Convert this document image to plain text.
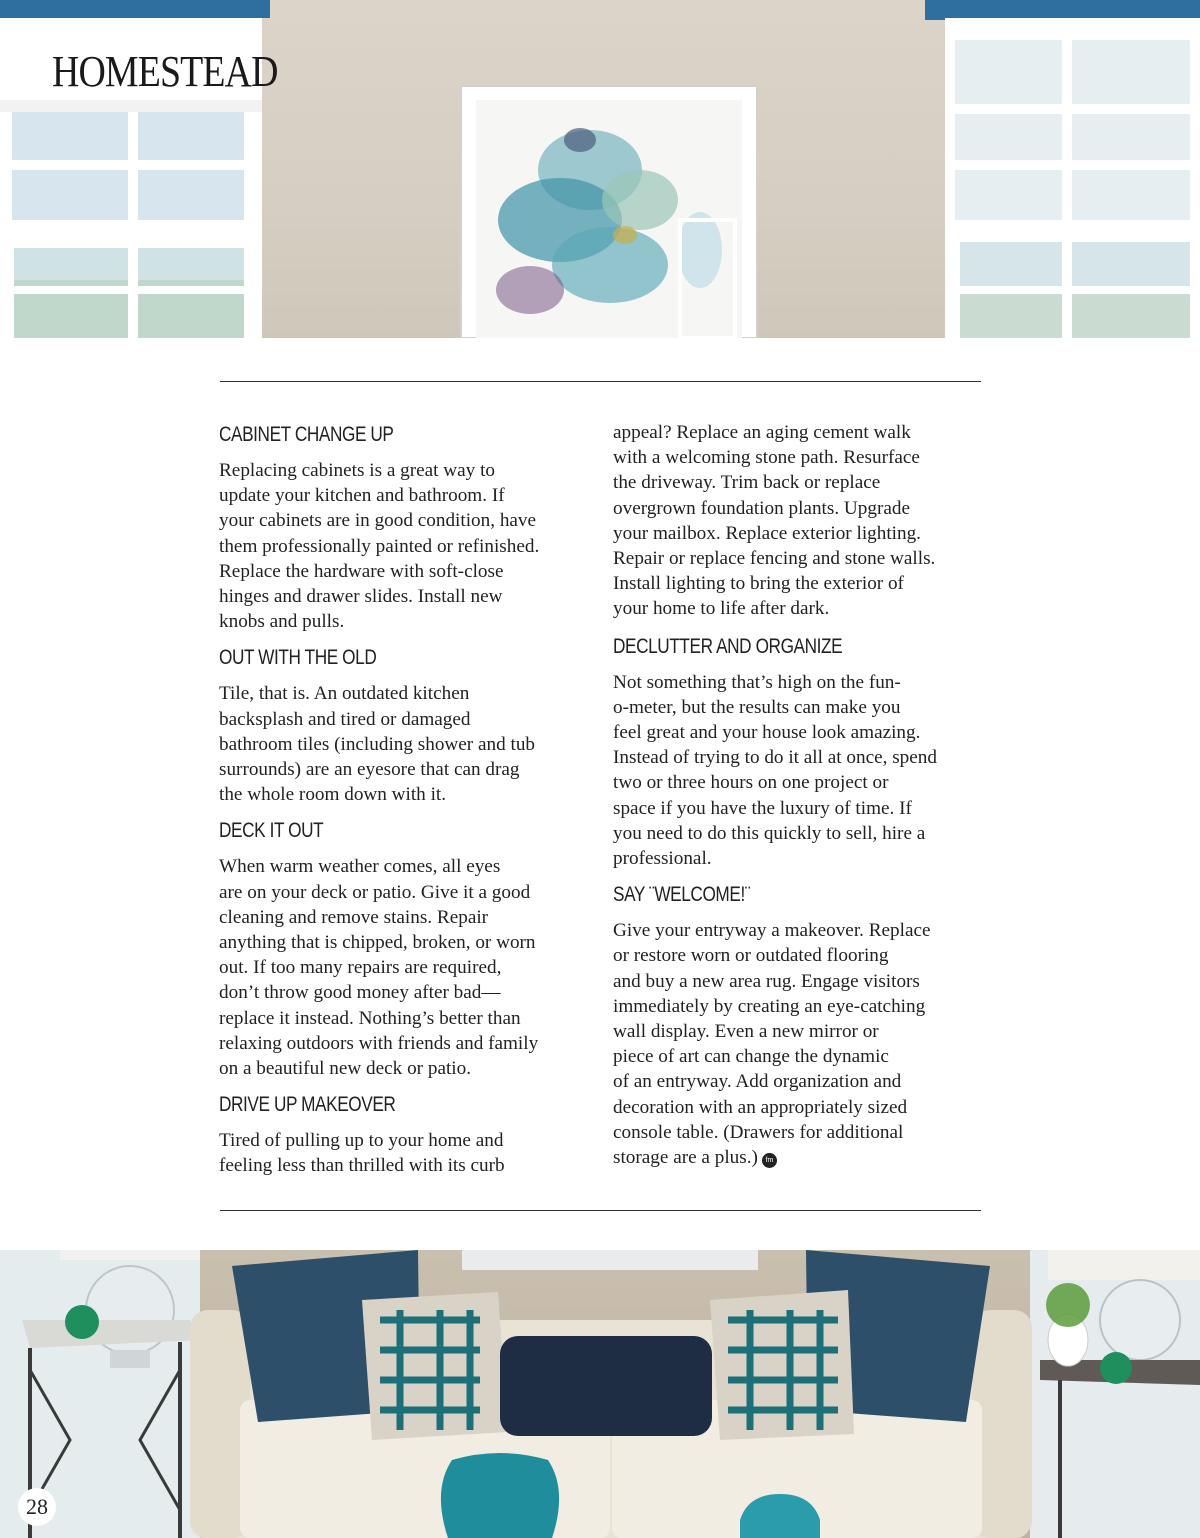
HOMESTEAD
CABINET CHANGE UP
Replacing cabinets is a great way to
update your kitchen and bathroom. If
your cabinets are in good condition, have
them professionally painted or refinished.
Replace the hardware with soft-close
hinges and drawer slides. Install new
knobs and pulls.
OUT WITH THE OLD
Tile, that is. An outdated kitchen
backsplash and tired or damaged
bathroom tiles (including shower and tub
surrounds) are an eyesore that can drag
the whole room down with it.
DECK IT OUT
When warm weather comes, all eyes
are on your deck or patio. Give it a good
cleaning and remove stains. Repair
anything that is chipped, broken, or worn
out. If too many repairs are required,
don’t throw good money after bad—
replace it instead. Nothing’s better than
relaxing outdoors with friends and family
on a beautiful new deck or patio.
DRIVE UP MAKEOVER
Tired of pulling up to your home and
feeling less than thrilled with its curb
appeal? Replace an aging cement walk
with a welcoming stone path. Resurface
the driveway. Trim back or replace
overgrown foundation plants. Upgrade
your mailbox. Replace exterior lighting.
Repair or replace fencing and stone walls.
Install lighting to bring the exterior of
your home to life after dark.
DECLUTTER AND ORGANIZE
Not something that’s high on the fun-
o-meter, but the results can make you
feel great and your house look amazing.
Instead of trying to do it all at once, spend
two or three hours on one project or
space if you have the luxury of time. If
you need to do this quickly to sell, hire a
professional.
SAY ¨WELCOME!¨
Give your entryway a makeover. Replace
or restore worn or outdated flooring
and buy a new area rug. Engage visitors
immediately by creating an eye-catching
wall display. Even a new mirror or
piece of art can change the dynamic
of an entryway. Add organization and
decoration with an appropriately sized
console table. (Drawers for additional
storage are a plus.) fm
28
